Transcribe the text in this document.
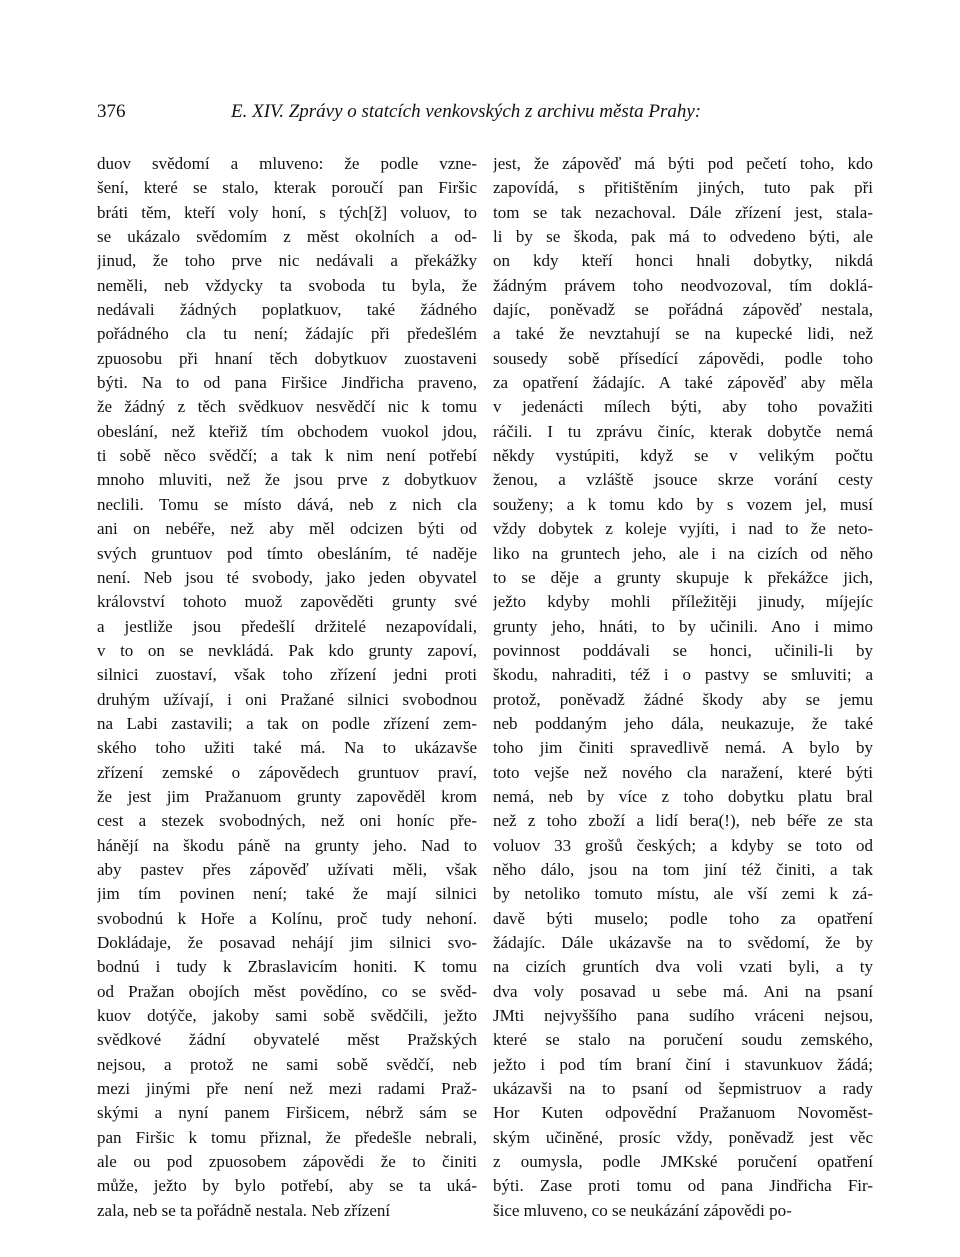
376	E. XIV. Zprávy o statcích venkovských z archivu města Prahy:
duov svědomí a mluveno: že podle vzne-
šení, které se stalo, kterak poroučí pan Firšic
bráti těm, kteří voly honí, s tých[ž] voluov, to
se ukázalo svědomím z měst okolních a od-
jinud, že toho prve nic nedávali a překážky
neměli, neb vždycky ta svoboda tu byla, že
nedávali žádných poplatkuov, také žádného
pořádného cla tu není; žádajíc při předešlém
zpuosobu při hnaní těch dobytkuov zuostaveni
býti. Na to od pana Firšice Jindřicha praveno,
že žádný z těch svědkuov nesvědčí nic k tomu
obeslání, než kteřiž tím obchodem vuokol jdou,
ti sobě něco svědčí; a tak k nim není potřebí
mnoho mluviti, než že jsou prve z dobytkuov
neclili. Tomu se místo dává, neb z nich cla
ani on nebéře, než aby měl odcizen býti od
svých gruntuov pod tímto obesláním, té naděje
není. Neb jsou té svobody, jako jeden obyvatel
království tohoto muož zapověděti grunty své
a jestliže jsou předešlí držitelé nezapovídali,
v to on se nevkládá. Pak kdo grunty zapoví,
silnici zuostaví, však toho zřízení jedni proti
druhým užívají, i oni Pražané silnici svobodnou
na Labi zastavili; a tak on podle zřízení zem-
ského toho užiti také má. Na to ukázavše
zřízení zemské o zápovědech gruntuov praví,
že jest jim Pražanuom grunty zapověděl krom
cest a stezek svobodných, než oni honíc pře-
hánějí na škodu páně na grunty jeho. Nad to
aby pastev přes zápověď užívati měli, však
jim tím povinen není; také že mají silnici
svobodnú k Hoře a Kolínu, proč tudy nehoní.
Dokládaje, že posavad nehájí jim silnici svo-
bodnú i tudy k Zbraslavicím honiti. K tomu
od Pražan obojích měst povědíno, co se svěd-
kuov dotýče, jakoby sami sobě svědčili, ježto
svědkové žádní obyvatelé měst Pražských
nejsou, a protož ne sami sobě svědčí, neb
mezi jinými pře není než mezi radami Praž-
skými a nyní panem Firšicem, nébrž sám se
pan Firšic k tomu přiznal, že předešle nebrali,
ale ou pod zpuosobem zápovědi že to činiti
může, ježto by bylo potřebí, aby se ta uká-
zala, neb se ta pořádně nestala. Neb zřízení
jest, že zápověď má býti pod pečetí toho, kdo
zapovídá, s přitištěním jiných, tuto pak při
tom se tak nezachoval. Dále zřízení jest, stala-
li by se škoda, pak má to odvedeno býti, ale
on kdy kteří honci hnali dobytky, nikdá
žádným právem toho neodvozoval, tím doklá-
dajíc, poněvadž se pořádná zápověď nestala,
a také že nevztahují se na kupecké lidi, než
sousedy sobě přísedící zápovědi, podle toho
za opatření žádajíc. A také zápověď aby měla
v jedenácti mílech býti, aby toho považiti
ráčili. I tu zprávu činíc, kterak dobytče nemá
někdy vystúpiti, když se v velikým počtu
ženou, a vzláště jsouce skrze vorání cesty
souženy; a k tomu kdo by s vozem jel, musí
vždy dobytek z koleje vyjíti, i nad to že neto-
liko na gruntech jeho, ale i na cizích od něho
to se děje a grunty skupuje k překážce jich,
ježto kdyby mohli příležitěji jinudy, míjejíc
grunty jeho, hnáti, to by učinili. Ano i mimo
povinnost poddávali se honci, učinili-li by
škodu, nahraditi, též i o pastvy se smluviti; a
protož, poněvadž žádné škody aby se jemu
neb poddaným jeho dála, neukazuje, že také
toho jim činiti spravedlivě nemá. A bylo by
toto vejše než nového cla naražení, které býti
nemá, neb by více z toho dobytku platu bral
než z toho zboží a lidí bera(!), neb béře ze sta
voluov 33 grošů českých; a kdyby se toto od
něho dálo, jsou na tom jiní též činiti, a tak
by netoliko tomuto místu, ale vší zemi k zá-
davě býti muselo; podle toho za opatření
žádajíc. Dále ukázavše na to svědomí, že by
na cizích gruntích dva voli vzati byli, a ty
dva voly posavad u sebe má. Ani na psaní
JMti nejvyššího pana sudího vráceni nejsou,
které se stalo na poručení soudu zemského,
ježto i pod tím braní činí i stavunkuov žádá;
ukázavši na to psaní od šepmistruov a rady
Hor Kuten odpovědní Pražanuom Novoměst-
ským učiněné, prosíc vždy, poněvadž jest věc
z oumysla, podle JMKské poručení opatření
býti. Zase proti tomu od pana Jindřicha Fir-
šice mluveno, co se neukázání zápovědi po-
